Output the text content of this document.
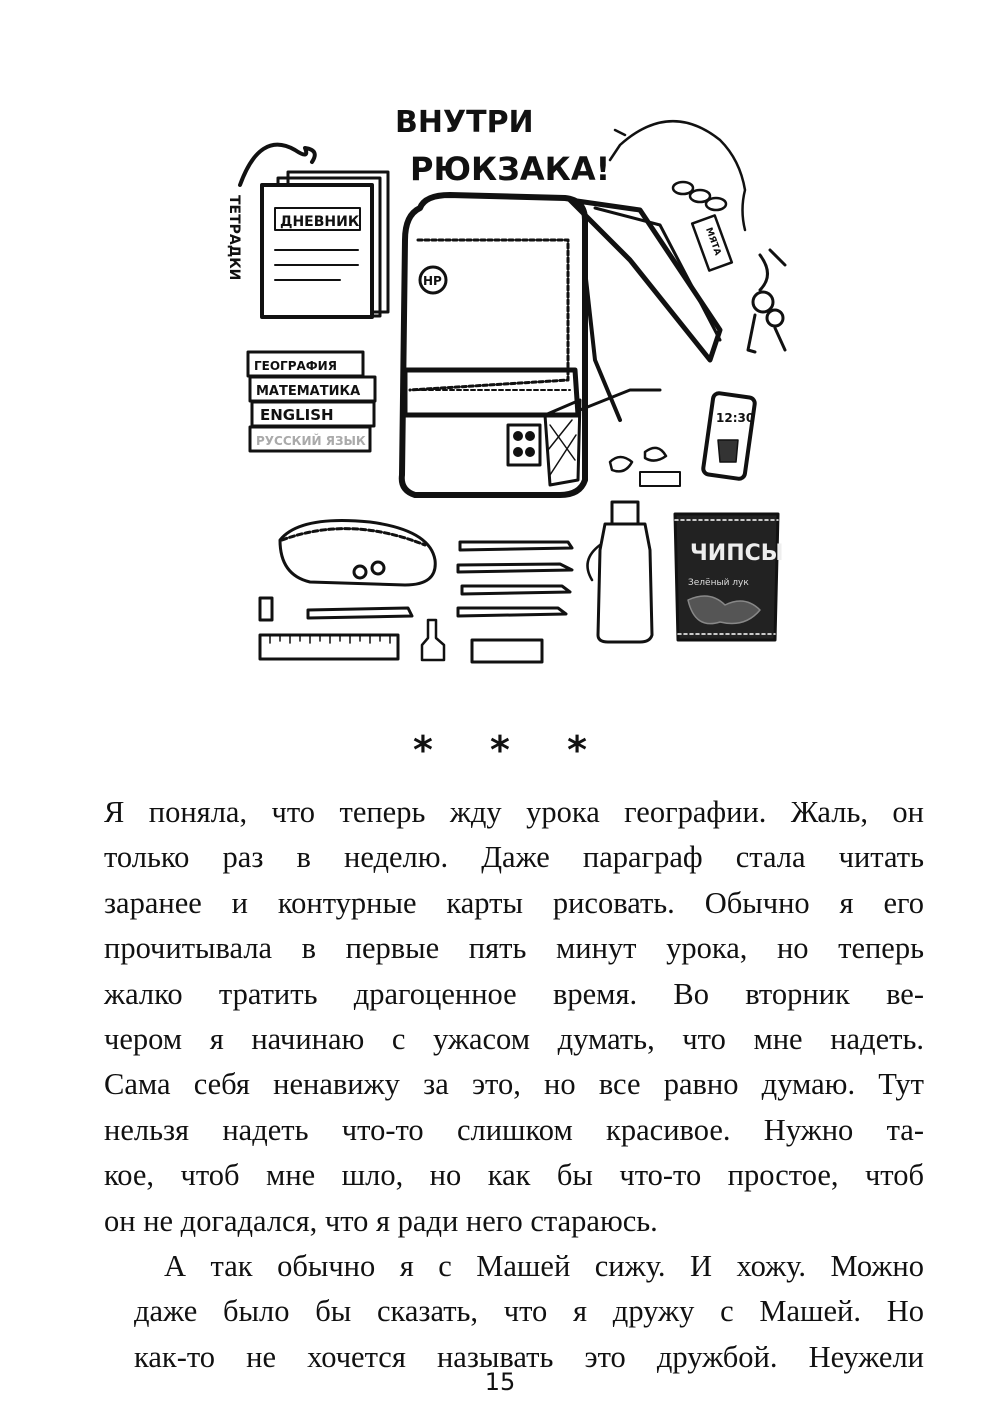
ВНУТРИ
РЮКЗАКА!
ТЕТРАДКИ	ДНЕВНИК
ГЕОГРАФИЯ
МАТЕМАТИКА
ENGLISH
РУССКИЙ ЯЗЫК
HP
МЯТА
12:30
ЧИПСЫ
Зелёный лук
* * *

Я поняла, что теперь жду урока географии. Жаль, он
только раз в неделю. Даже параграф стала читать
заранее и контурные карты рисовать. Обычно я его
прочитывала в первые пять минут урока, но теперь
жалко тратить драгоценное время. Во вторник ве-
чером я начинаю с ужасом думать, что мне надеть.
Сама себя ненавижу за это, но все равно думаю. Тут
нельзя надеть что-то слишком красивое. Нужно та-
кое, чтоб мне шло, но как бы что-то простое, чтоб
он не догадался, что я ради него стараюсь.

А так обычно я с Машей сижу. И хожу. Можно
даже было бы сказать, что я дружу с Машей. Но
как-то не хочется называть это дружбой. Неужели

15
